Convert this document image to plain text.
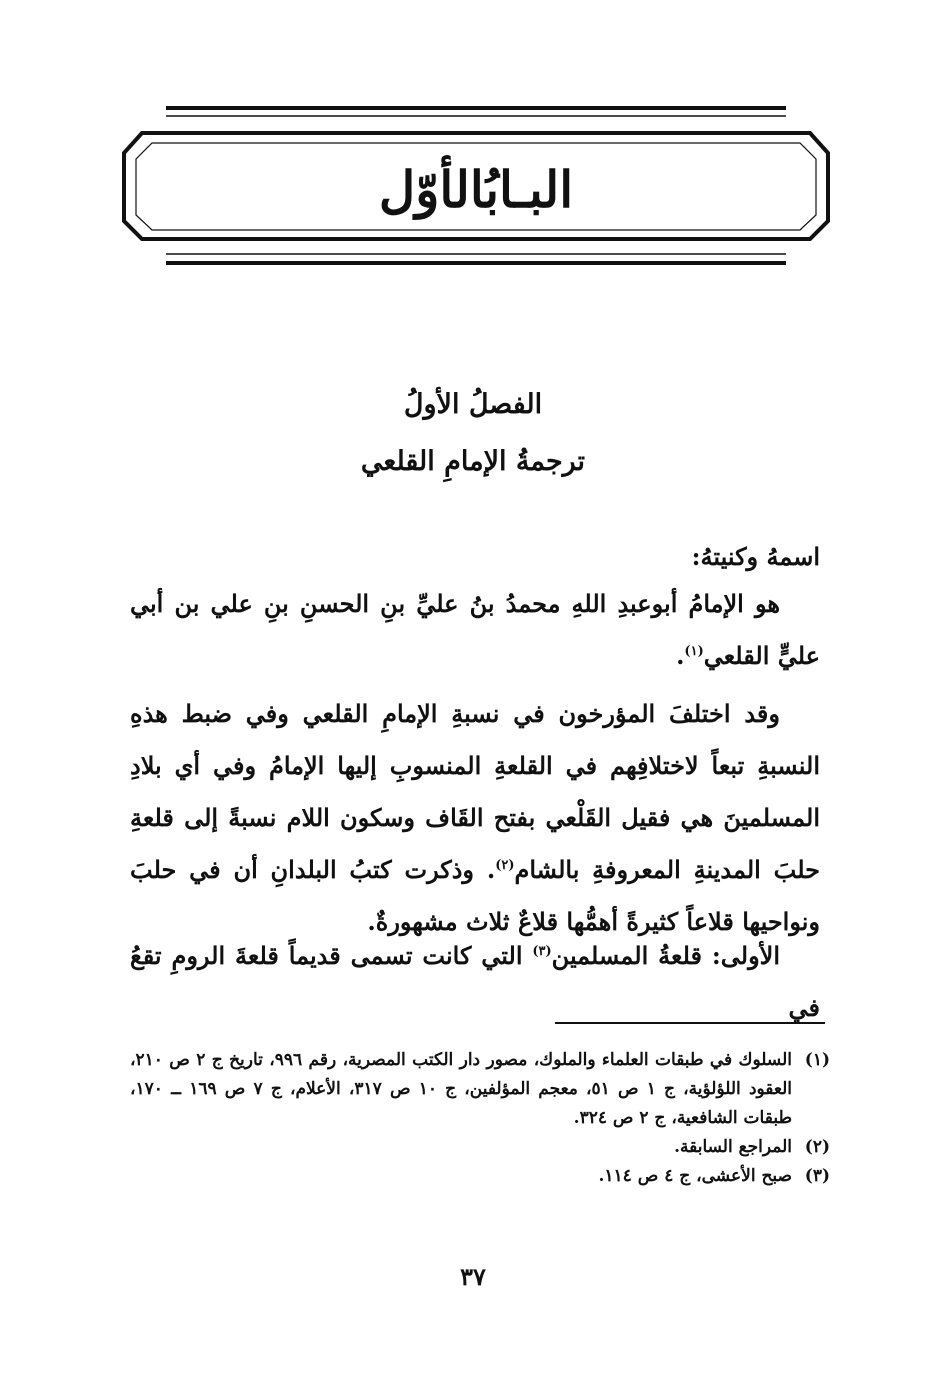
البـابُالأوّل
الفصلُ الأولُ
ترجمةُ الإمامِ القلعي
اسمهُ وكنيتهُ:
هو الإمامُ أبوعبدِ اللهِ محمدُ بنُ عليِّ بنِ الحسنِ بنِ علي بن أبي عليٍّ القلعي$^{(١)}$.
وقد اختلفَ المؤرخون في نسبةِ الإمامِ القلعي وفي ضبط هذهِ النسبةِ تبعاً لاختلافِهم في القلعةِ المنسوبِ إليها الإمامُ وفي أي بلادِ المسلمينَ هي فقيل القَلْعي بفتح القَاف وسكون اللام نسبةً إلى قلعةِ حلبَ المدينةِ المعروفةِ بالشام$^{(٢)}$. وذكرت كتبُ البلدانِ أن في حلبَ ونواحيها قلاعاً كثيرةً أهمُّها قلاعٌ ثلاث مشهورةٌ.
الأولى: قلعةُ المسلمين$^{(٣)}$ التي كانت تسمى قديماً قلعةَ الرومِ تقعُ في
(١)
السلوك في طبقات العلماء والملوك، مصور دار الكتب المصرية، رقم ٩٩٦، تاريخ ج ٢ ص ٢١٠، العقود اللؤلؤية، ج ١ ص ٥١، معجم المؤلفين، ج ١٠ ص ٣١٧، الأعلام، ج ٧ ص ١٦٩ ــ ١٧٠، طبقات الشافعية، ج ٢ ص ٣٢٤.
(٢)
المراجع السابقة.
(٣)
صبح الأعشى، ج ٤ ص ١١٤.
٣٧
